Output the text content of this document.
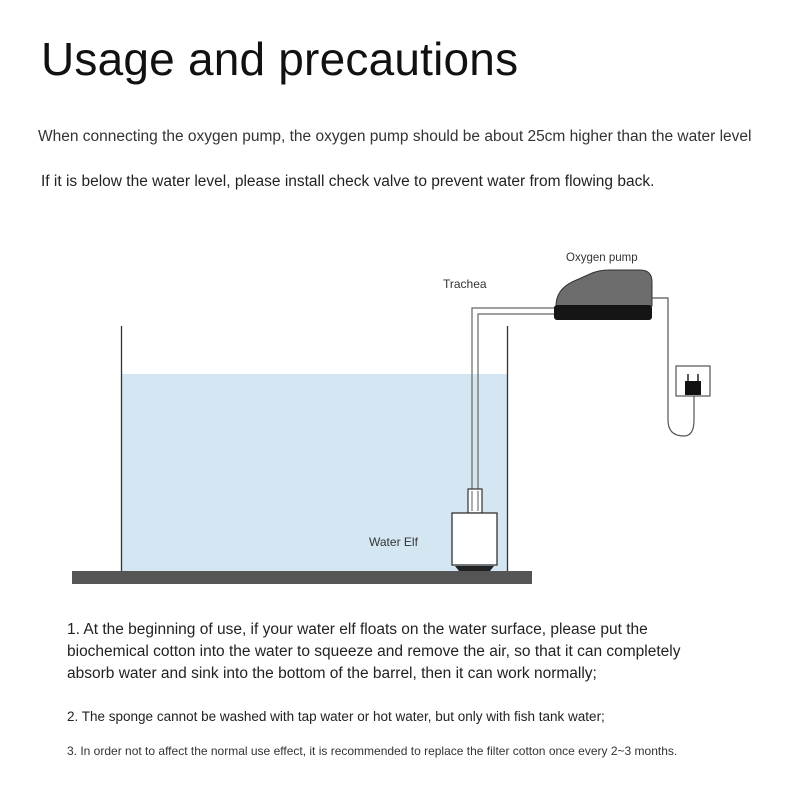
Usage and precautions
When connecting the oxygen pump, the oxygen pump should be about 25cm higher than the water level
If it is below the water level, please install check valve to prevent water from flowing back.
Oxygen pump
Trachea
Water Elf
1. At the beginning of use, if your water elf floats on the water surface, please put the biochemical cotton into the water to squeeze and remove the air, so that it can completely absorb water and sink into the bottom of the barrel, then it can work normally;
2. The sponge cannot be washed with tap water or hot water, but only with fish tank water;
3. In order not to affect the normal use effect, it is recommended to replace the filter cotton once every 2~3 months.
